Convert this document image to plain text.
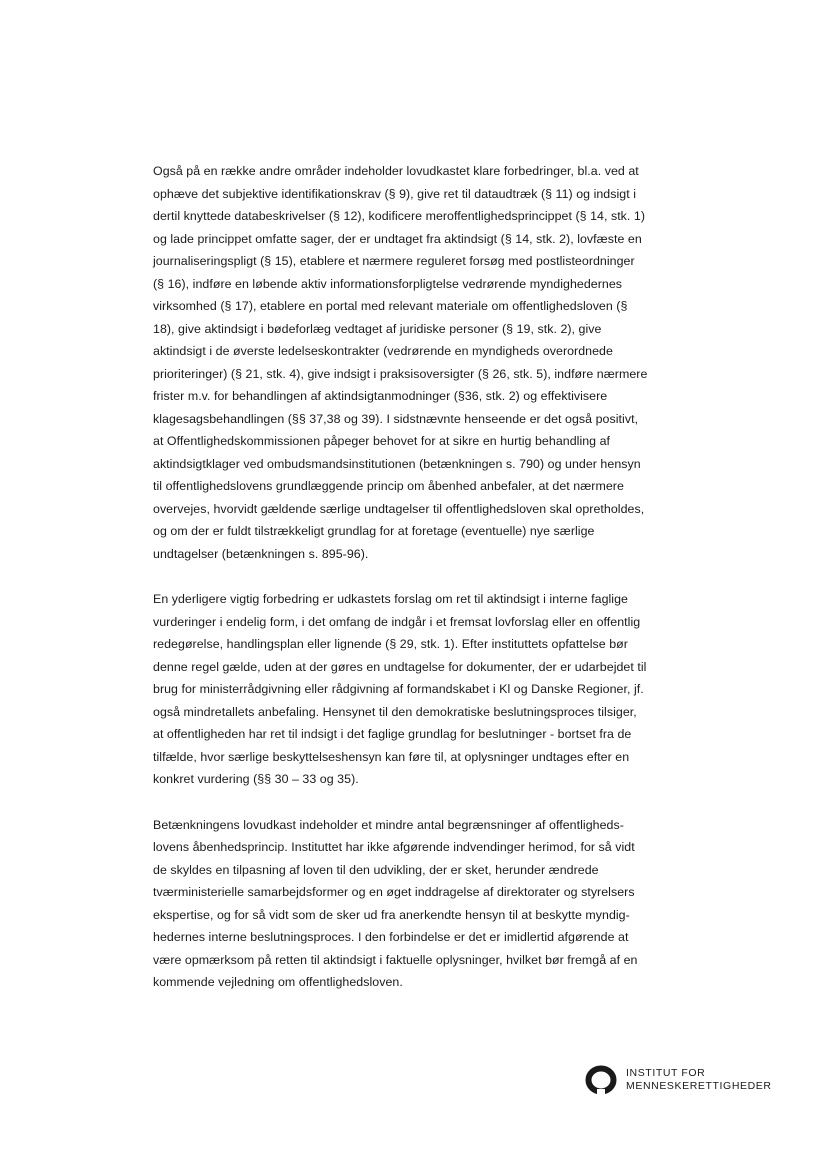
Også på en række andre områder indeholder lovudkastet klare forbedringer, bl.a. ved at
ophæve det subjektive identifikationskrav (§ 9), give ret til dataudtræk (§ 11) og indsigt i
dertil knyttede databeskrivelser (§ 12), kodificere meroffentlighedsprincippet (§ 14, stk. 1)
og lade princippet omfatte sager, der er undtaget fra aktindsigt (§ 14, stk. 2), lovfæste en
journaliseringspligt (§ 15), etablere et nærmere reguleret forsøg med postlisteordninger
(§ 16), indføre en løbende aktiv informationsforpligtelse vedrørende myndighedernes
virksomhed (§ 17), etablere en portal med relevant materiale om offentlighedsloven (§
18), give aktindsigt i bødeforlæg vedtaget af juridiske personer (§ 19, stk. 2), give
aktindsigt i de øverste ledelseskontrakter (vedrørende en myndigheds overordnede
prioriteringer) (§ 21, stk. 4), give indsigt i praksisoversigter (§ 26, stk. 5), indføre nærmere
frister m.v. for behandlingen af aktindsigtanmodninger (§36, stk. 2) og effektivisere
klagesagsbehandlingen (§§ 37,38 og 39). I sidstnævnte henseende er det også positivt,
at Offentlighedskommissionen påpeger behovet for at sikre en hurtig behandling af
aktindsigtklager ved ombudsmandsinstitutionen (betænkningen s. 790) og under hensyn
til offentlighedslovens grundlæggende princip om åbenhed anbefaler, at det nærmere
overvejes, hvorvidt gældende særlige undtagelser til offentlighedsloven skal opretholdes,
og om der er fuldt tilstrækkeligt grundlag for at foretage (eventuelle) nye særlige
undtagelser (betænkningen s. 895-96).

En yderligere vigtig forbedring er udkastets forslag om ret til aktindsigt i interne faglige
vurderinger i endelig form, i det omfang de indgår i et fremsat lovforslag eller en offentlig
redegørelse, handlingsplan eller lignende (§ 29, stk. 1). Efter instituttets opfattelse bør
denne regel gælde, uden at der gøres en undtagelse for dokumenter, der er udarbejdet til
brug for ministerrådgivning eller rådgivning af formandskabet i Kl og Danske Regioner, jf.
også mindretallets anbefaling. Hensynet til den demokratiske beslutningsproces tilsiger,
at offentligheden har ret til indsigt i det faglige grundlag for beslutninger - bortset fra de
tilfælde, hvor særlige beskyttelseshensyn kan føre til, at oplysninger undtages efter en
konkret vurdering (§§ 30 – 33 og 35).

Betænkningens lovudkast indeholder et mindre antal begrænsninger af offentligheds-
lovens åbenhedsprincip. Instituttet har ikke afgørende indvendinger herimod, for så vidt
de skyldes en tilpasning af loven til den udvikling, der er sket, herunder ændrede
tværministerielle samarbejdsformer og en øget inddragelse af direktorater og styrelsers
ekspertise, og for så vidt som de sker ud fra anerkendte hensyn til at beskytte myndig-
hedernes interne beslutningsproces. I den forbindelse er det er imidlertid afgørende at
være opmærksom på retten til aktindsigt i faktuelle oplysninger, hvilket bør fremgå af en
kommende vejledning om offentlighedsloven.

INSTITUT FOR
MENNESKERETTIGHEDER
